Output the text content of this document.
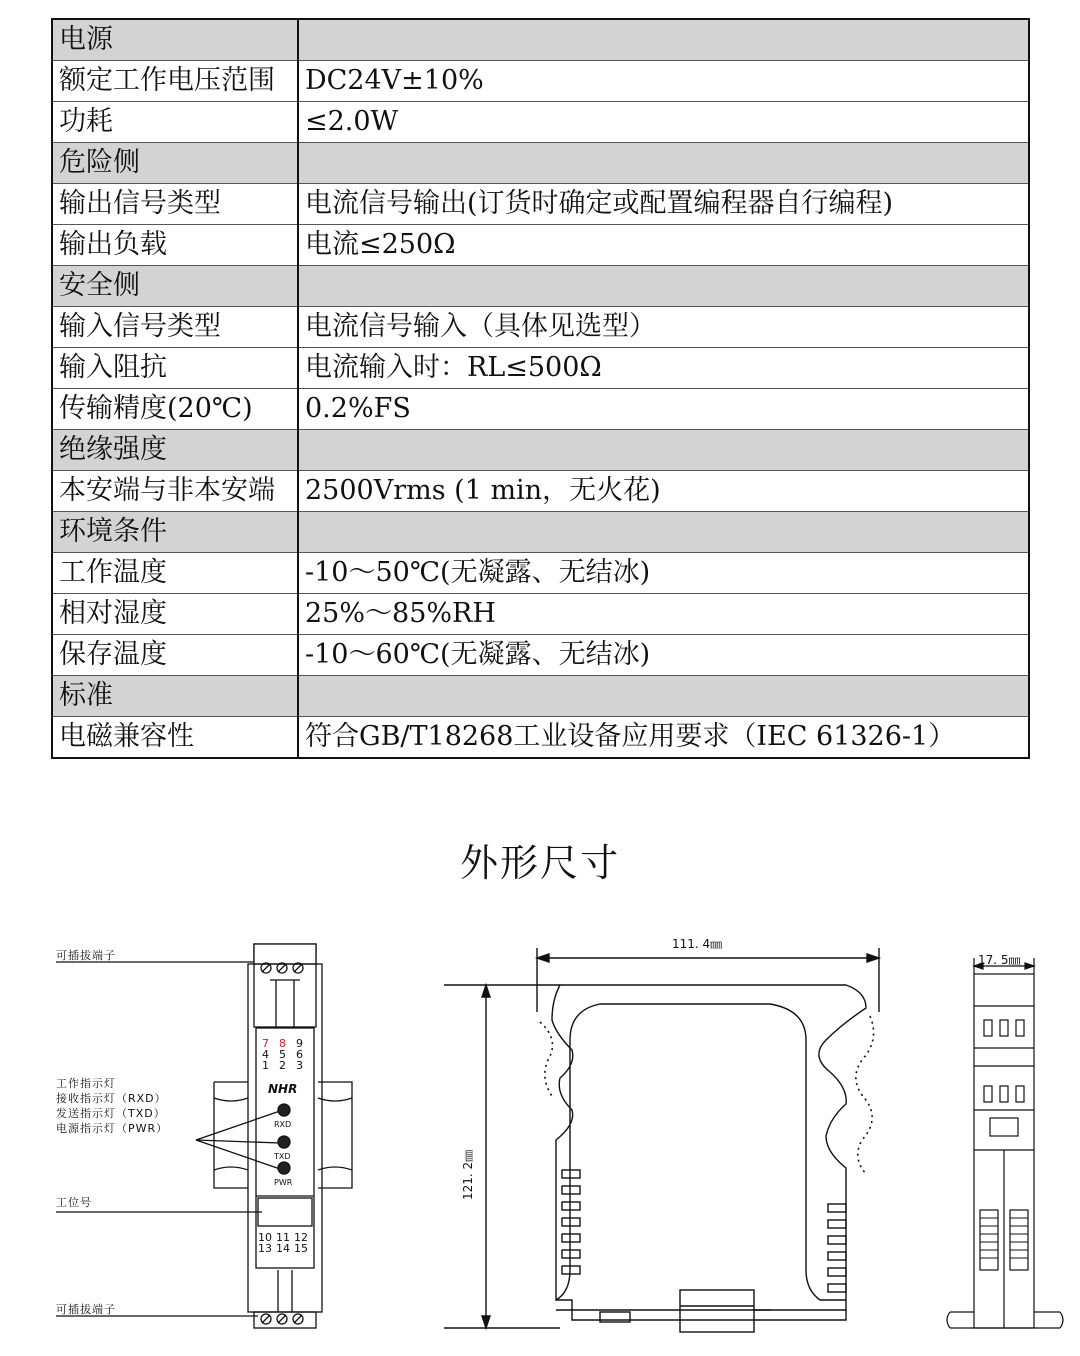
电源	
额定工作电压范围	DC24V±10%
功耗	≤2.0W
危险侧	
输出信号类型	电流信号输出(订货时确定或配置编程器自行编程)
输出负载	电流≤250Ω
安全侧	
输入信号类型	电流信号输入（具体见选型）
输入阻抗	电流输入时：RL≤500Ω
传输精度(20℃)	0.2%FS
绝缘强度	
本安端与非本安端	2500Vrms (1 min，无火花)
环境条件	
工作温度	-10～50℃(无凝露、无结冰)
相对湿度	25%～85%RH
保存温度	-10～60℃(无凝露、无结冰)
标准	
电磁兼容性	符合GB/T18268工业设备应用要求（IEC 61326-1）
外形尺寸
可插拔端子
工作指示灯
接收指示灯（RXD）
发送指示灯（TXD）
电源指示灯（PWR）
工位号
可插拔端子
7 8 9
4 5 6
1 2 3
NHR
RXD
TXD
PWR
10 11 12
13 14 15
111. 4㎜
121. 2㎜
17. 5㎜
